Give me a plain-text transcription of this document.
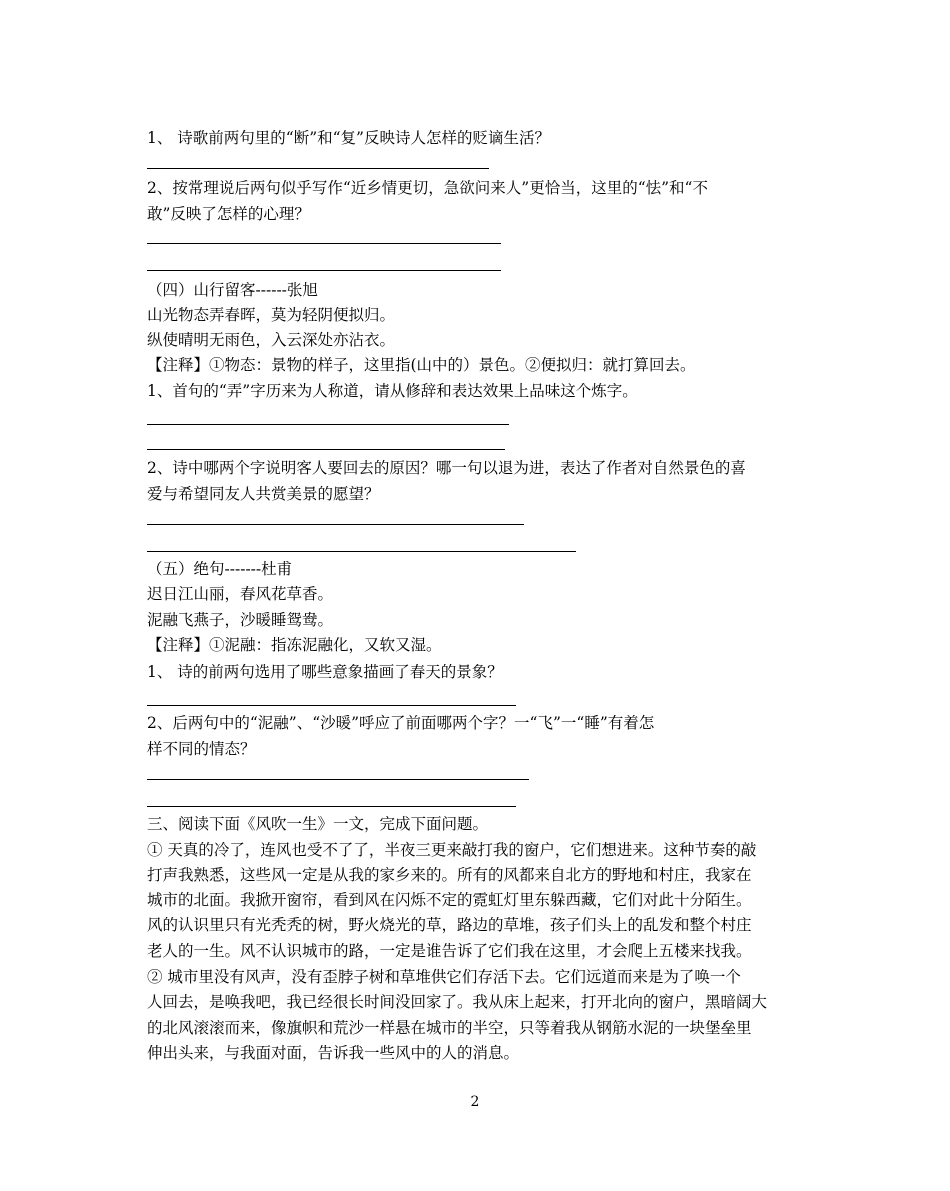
1、 诗歌前两句里的“断”和“复”反映诗人怎样的贬谪生活？
2、按常理说后两句似乎写作“近乡情更切，急欲问来人”更恰当，这里的“怯”和“不
敢”反映了怎样的心理？
（四）山行留客------张旭
山光物态弄春晖，莫为轻阴便拟归。
纵使晴明无雨色，入云深处亦沾衣。
【注释】①物态：景物的样子，这里指(山中的）景色。②便拟归：就打算回去。
1、首句的“弄”字历来为人称道，请从修辞和表达效果上品味这个炼字。
2、诗中哪两个字说明客人要回去的原因？哪一句以退为进，表达了作者对自然景色的喜
爱与希望同友人共赏美景的愿望？
（五）绝句-------杜甫
迟日江山丽，春风花草香。
泥融飞燕子，沙暖睡鸳鸯。
【注释】①泥融：指冻泥融化，又软又湿。
1、 诗的前两句选用了哪些意象描画了春天的景象？
2、后两句中的“泥融”、“沙暖”呼应了前面哪两个字？一“飞”一“睡”有着怎
样不同的情态？
三、阅读下面《风吹一生》一文，完成下面问题。
① 天真的冷了，连风也受不了了，半夜三更来敲打我的窗户，它们想进来。这种节奏的敲
打声我熟悉，这些风一定是从我的家乡来的。所有的风都来自北方的野地和村庄，我家在
城市的北面。我掀开窗帘，看到风在闪烁不定的霓虹灯里东躲西藏，它们对此十分陌生。
风的认识里只有光秃秃的树，野火烧光的草，路边的草堆，孩子们头上的乱发和整个村庄
老人的一生。风不认识城市的路，一定是谁告诉了它们我在这里，才会爬上五楼来找我。
② 城市里没有风声，没有歪脖子树和草堆供它们存活下去。它们远道而来是为了唤一个
人回去，是唤我吧，我已经很长时间没回家了。我从床上起来，打开北向的窗户，黑暗阔大
的北风滚滚而来，像旗帜和荒沙一样悬在城市的半空，只等着我从钢筋水泥的一块堡垒里
伸出头来，与我面对面，告诉我一些风中的人的消息。
2
